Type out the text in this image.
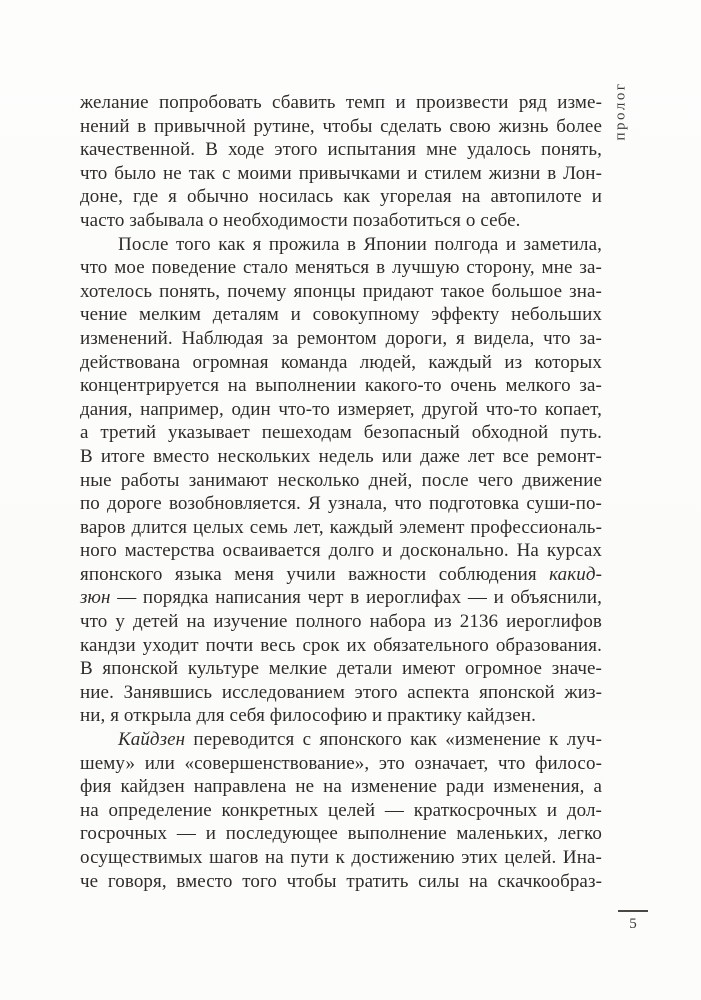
пролог
желание попробовать сбавить темп и произвести ряд изме-
нений в привычной рутине, чтобы сделать свою жизнь более
качественной. В ходе этого испытания мне удалось понять,
что было не так с моими привычками и стилем жизни в Лон-
доне, где я обычно носилась как угорелая на автопилоте и
часто забывала о необходимости позаботиться о себе.
После того как я прожила в Японии полгода и заметила,
что мое поведение стало меняться в лучшую сторону, мне за-
хотелось понять, почему японцы придают такое большое зна-
чение мелким деталям и совокупному эффекту небольших
изменений. Наблюдая за ремонтом дороги, я видела, что за-
действована огромная команда людей, каждый из которых
концентрируется на выполнении какого-то очень мелкого за-
дания, например, один что-то измеряет, другой что-то копает,
а третий указывает пешеходам безопасный обходной путь.
В итоге вместо нескольких недель или даже лет все ремонт-
ные работы занимают несколько дней, после чего движение
по дороге возобновляется. Я узнала, что подготовка суши-по-
варов длится целых семь лет, каждый элемент профессиональ-
ного мастерства осваивается долго и досконально. На курсах
японского языка меня учили важности соблюдения какид-
зюн — порядка написания черт в иероглифах — и объяснили,
что у детей на изучение полного набора из 2136 иероглифов
кандзи уходит почти весь срок их обязательного образования.
В японской культуре мелкие детали имеют огромное значе-
ние. Занявшись исследованием этого аспекта японской жиз-
ни, я открыла для себя философию и практику кайдзен.
Кайдзен переводится с японского как «изменение к луч-
шему» или «совершенствование», это означает, что филосо-
фия кайдзен направлена не на изменение ради изменения, а
на определение конкретных целей — краткосрочных и дол-
госрочных — и последующее выполнение маленьких, легко
осуществимых шагов на пути к достижению этих целей. Ина-
че говоря, вместо того чтобы тратить силы на скачкообраз-
5
